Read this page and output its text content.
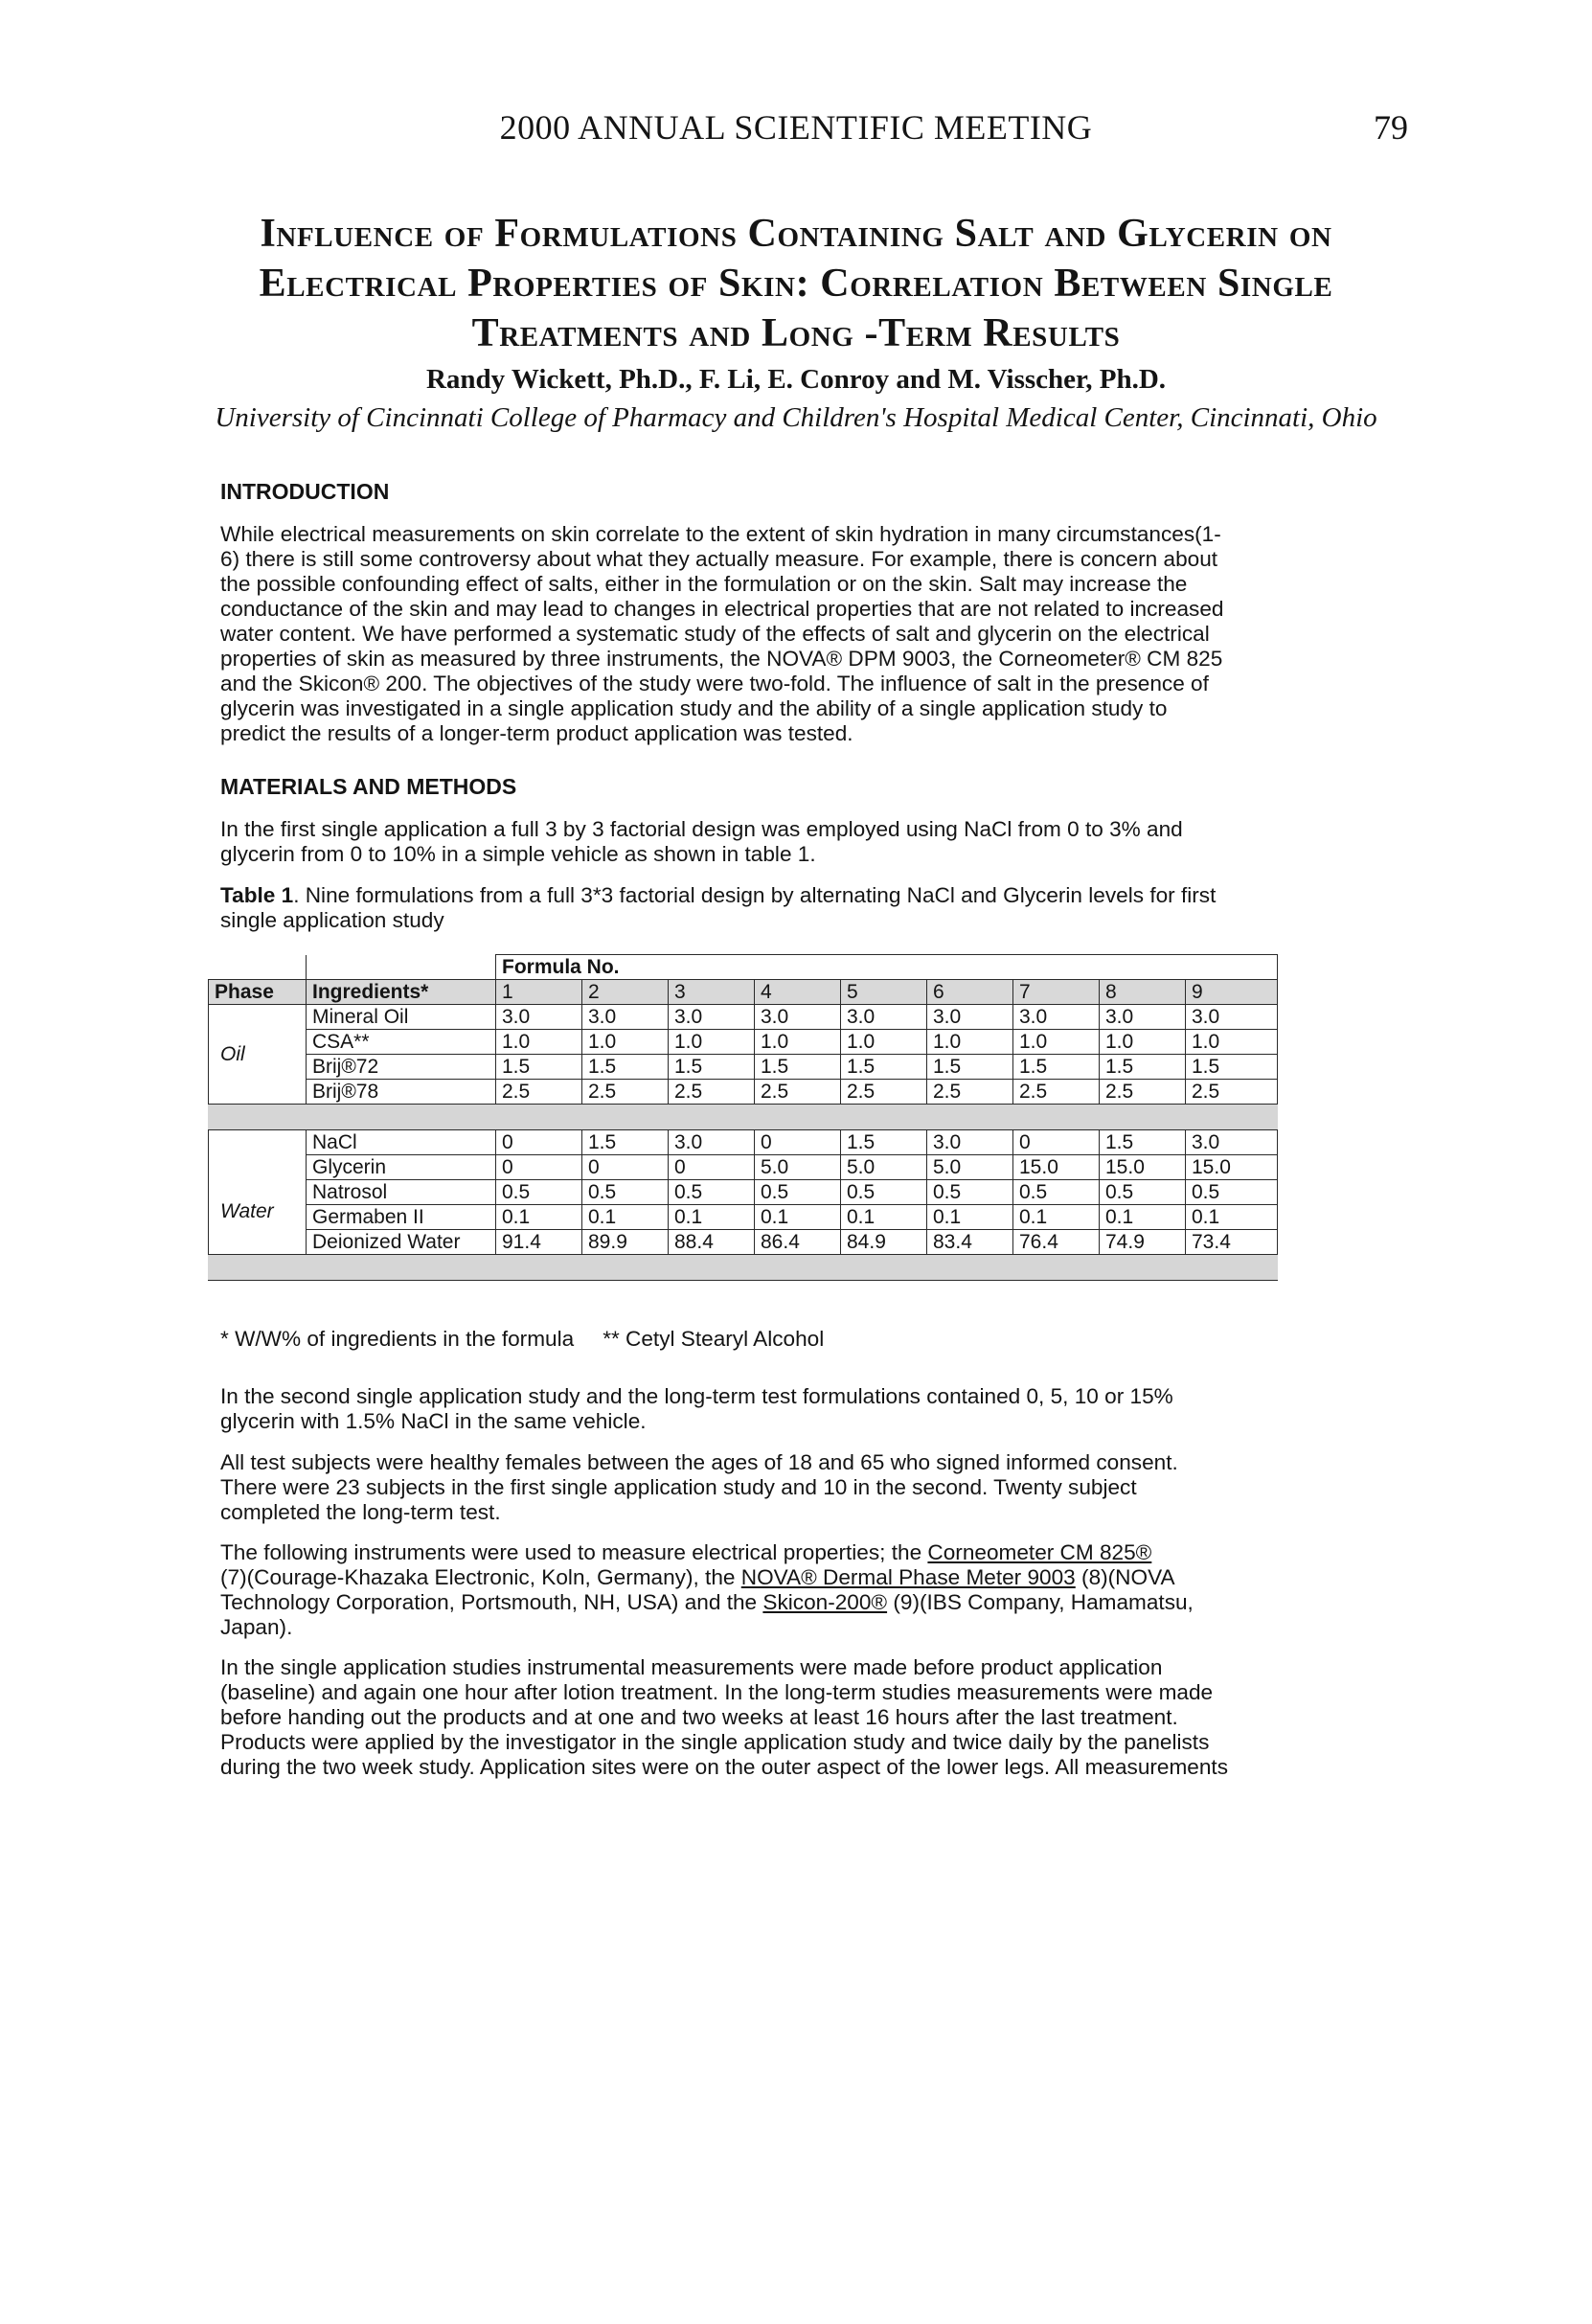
2000 ANNUAL SCIENTIFIC MEETING	79
Influence of Formulations Containing Salt and Glycerin on
Electrical Properties of Skin: Correlation Between Single
Treatments and Long -Term Results
Randy Wickett, Ph.D., F. Li, E. Conroy and M. Visscher, Ph.D.
University of Cincinnati College of Pharmacy and Children's Hospital Medical Center, Cincinnati, Ohio
INTRODUCTION
While electrical measurements on skin correlate to the extent of skin hydration in many circumstances(1-
6) there is still some controversy about what they actually measure. For example, there is concern about
the possible confounding effect of salts, either in the formulation or on the skin. Salt may increase the
conductance of the skin and may lead to changes in electrical properties that are not related to increased
water content. We have performed a systematic study of the effects of salt and glycerin on the electrical
properties of skin as measured by three instruments, the NOVA® DPM 9003, the Corneometer® CM 825
and the Skicon® 200. The objectives of the study were two-fold. The influence of salt in the presence of
glycerin was investigated in a single application study and the ability of a single application study to
predict the results of a longer-term product application was tested.
MATERIALS AND METHODS
In the first single application a full 3 by 3 factorial design was employed using NaCl from 0 to 3% and
glycerin from 0 to 10% in a simple vehicle as shown in table 1.
Table 1. Nine formulations from a full 3*3 factorial design by alternating NaCl and Glycerin levels for first
single application study
		Formula No.								
Phase	Ingredients*	1	2	3	4	5	6	7	8	9
Oil	Mineral Oil	3.0	3.0	3.0	3.0	3.0	3.0	3.0	3.0	3.0
	CSA**	1.0	1.0	1.0	1.0	1.0	1.0	1.0	1.0	1.0
	Brij®72	1.5	1.5	1.5	1.5	1.5	1.5	1.5	1.5	1.5
	Brij®78	2.5	2.5	2.5	2.5	2.5	2.5	2.5	2.5	2.5

Water	NaCl	0	1.5	3.0	0	1.5	3.0	0	1.5	3.0
	Glycerin	0	0	0	5.0	5.0	5.0	15.0	15.0	15.0
	Natrosol	0.5	0.5	0.5	0.5	0.5	0.5	0.5	0.5	0.5
	Germaben II	0.1	0.1	0.1	0.1	0.1	0.1	0.1	0.1	0.1
	Deionized Water	91.4	89.9	88.4	86.4	84.9	83.4	76.4	74.9	73.4

* W/W% of ingredients in the formula ** Cetyl Stearyl Alcohol
In the second single application study and the long-term test formulations contained 0, 5, 10 or 15%
glycerin with 1.5% NaCl in the same vehicle.
All test subjects were healthy females between the ages of 18 and 65 who signed informed consent.
There were 23 subjects in the first single application study and 10 in the second. Twenty subject
completed the long-term test.
The following instruments were used to measure electrical properties; the Corneometer CM 825®
(7)(Courage-Khazaka Electronic, Koln, Germany), the NOVA® Dermal Phase Meter 9003 (8)(NOVA
Technology Corporation, Portsmouth, NH, USA) and the Skicon-200® (9)(IBS Company, Hamamatsu,
Japan).
In the single application studies instrumental measurements were made before product application
(baseline) and again one hour after lotion treatment. In the long-term studies measurements were made
before handing out the products and at one and two weeks at least 16 hours after the last treatment.
Products were applied by the investigator in the single application study and twice daily by the panelists
during the two week study. Application sites were on the outer aspect of the lower legs. All measurements
